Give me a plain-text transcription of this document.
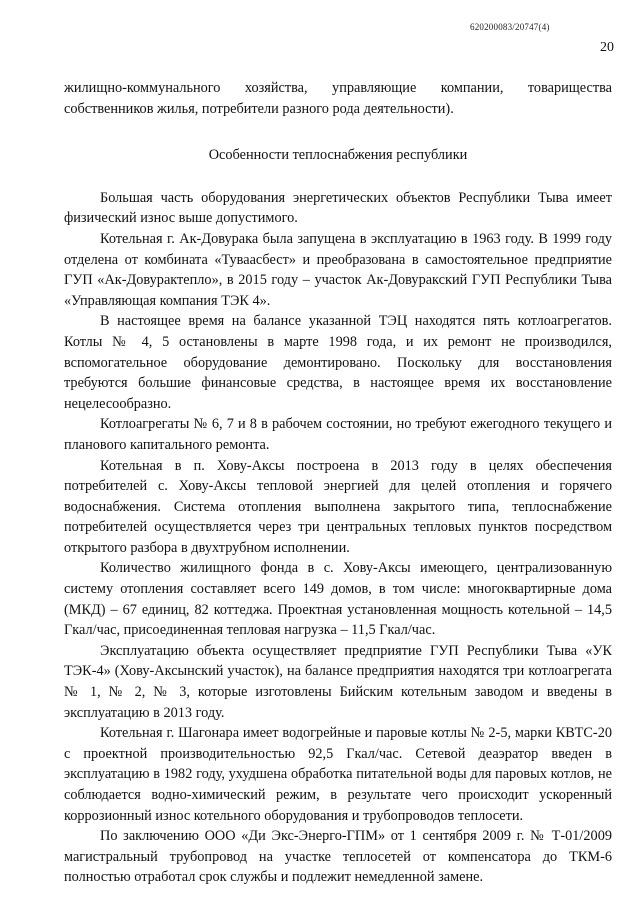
620200083/20747(4)
20

жилищно-коммунального хозяйства, управляющие компании, товарищества собственников жилья, потребители разного рода деятельности).

Особенности теплоснабжения республики

Большая часть оборудования энергетических объектов Республики Тыва имеет физический износ выше допустимого.

Котельная г. Ак-Довурака была запущена в эксплуатацию в 1963 году. В 1999 году отделена от комбината «Туваасбест» и преобразована в самостоятельное предприятие ГУП «Ак-Довурактепло», в 2015 году – участок Ак-Довуракский ГУП Республики Тыва «Управляющая компания ТЭК 4».

В настоящее время на балансе указанной ТЭЦ находятся пять котлоагрегатов. Котлы № 4, 5 остановлены в марте 1998 года, и их ремонт не производился, вспомогательное оборудование демонтировано. Поскольку для восстановления требуются большие финансовые средства, в настоящее время их восстановление нецелесообразно.

Котлоагрегаты № 6, 7 и 8 в рабочем состоянии, но требуют ежегодного текущего и планового капитального ремонта.

Котельная в п. Хову-Аксы построена в 2013 году в целях обеспечения потребителей с. Хову-Аксы тепловой энергией для целей отопления и горячего водоснабжения. Система отопления выполнена закрытого типа, теплоснабжение потребителей осуществляется через три центральных тепловых пунктов посредством открытого разбора в двухтрубном исполнении.

Количество жилищного фонда в с. Хову-Аксы имеющего, централизованную систему отопления составляет всего 149 домов, в том числе: многоквартирные дома (МКД) – 67 единиц, 82 коттеджа. Проектная установленная мощность котельной – 14,5 Гкал/час, присоединенная тепловая нагрузка – 11,5 Гкал/час.

Эксплуатацию объекта осуществляет предприятие ГУП Республики Тыва «УК ТЭК-4» (Хову-Аксынский участок), на балансе предприятия находятся три котлоагрегата № 1, № 2, № 3, которые изготовлены Бийским котельным заводом и введены в эксплуатацию в 2013 году.

Котельная г. Шагонара имеет водогрейные и паровые котлы № 2-5, марки КВТС-20 с проектной производительностью 92,5 Гкал/час. Сетевой деаэратор введен в эксплуатацию в 1982 году, ухудшена обработка питательной воды для паровых котлов, не соблюдается водно-химический режим, в результате чего происходит ускоренный коррозионный износ котельного оборудования и трубопроводов теплосети.

По заключению ООО «Ди Экс-Энерго-ГПМ» от 1 сентября 2009 г. № Т-01/2009 магистральный трубопровод на участке теплосетей от компенсатора до ТКМ-6 полностью отработал срок службы и подлежит немедленной замене.
